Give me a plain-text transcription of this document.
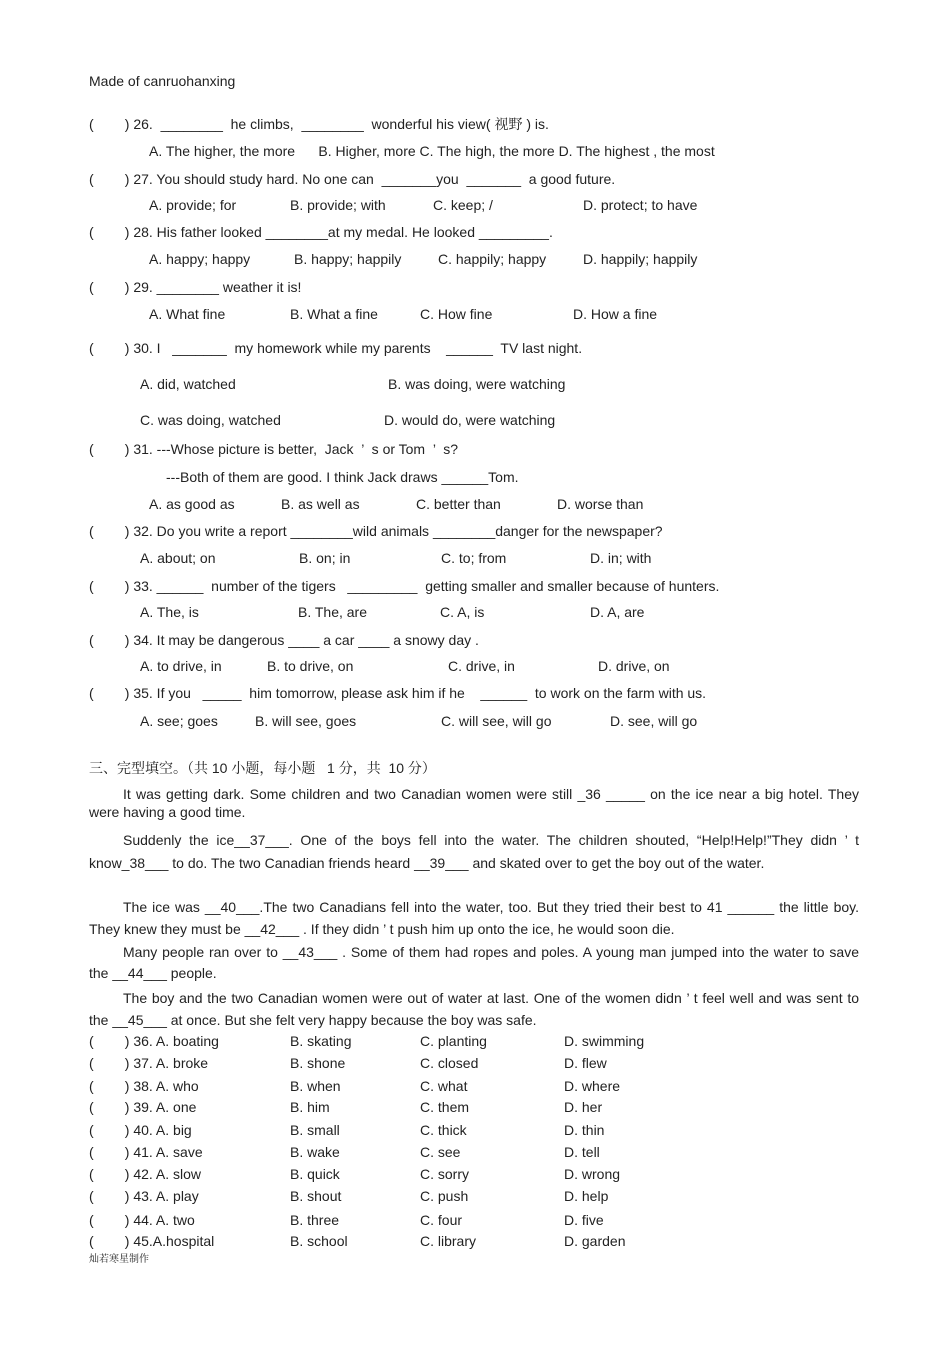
Made of canruohanxing
(        ) 26.  ________  he climbs,  ________  wonderful his view( 视野 ) is.
A. The higher, the more      B. Higher, more C. The high, the more D. The highest , the most
(        ) 27. You should study hard. No one can  _______you  _______  a good future.
A. provide; for	B. provide; with	C. keep; /	D. protect; to have
(        ) 28. His father looked ________at my medal. He looked _________.
A. happy; happy	B. happy; happily	C. happily; happy	D. happily; happily
(        ) 29. ________ weather it is!
A. What fine	B. What a fine	C. How fine	D. How a fine
(        ) 30. I   _______  my homework while my parents    ______  TV last night.
A. did, watched	B. was doing, were watching
C. was doing, watched	D. would do, were watching
(        ) 31. ---Whose picture is better,  Jack  ’  s or Tom  ’  s?
---Both of them are good. I think Jack draws ______Tom.
A. as good as	B. as well as	C. better than	D. worse than
(        ) 32. Do you write a report ________wild animals ________danger for the newspaper?
A. about; on	B. on; in	C. to; from	D. in; with
(        ) 33. ______  number of the tigers   _________  getting smaller and smaller because of hunters.
A. The, is	B. The, are	C. A, is	D. A, are
(        ) 34. It may be dangerous ____ a car ____ a snowy day .
A. to drive, in	B. to drive, on	C. drive, in	D. drive, on
(        ) 35. If you   _____  him tomorrow, please ask him if he    ______  to work on the farm with us.
A. see; goes	B. will see, goes	C. will see, will go	D. see, will go
三、完型填空。（共 10 小题，每小题   1 分，共  10 分）
It was getting dark. Some children and two Canadian women were still _36 _____ on the ice near a big hotel. They were having a good time.
Suddenly the ice__37___. One of the boys fell into the water. The children shouted, “Help!Help!”They didn ’ t know_38___ to do. The two Canadian friends heard __39___ and skated over to get the boy out of the water.
The ice was __40___.The two Canadians fell into the water, too. But they tried their best to 41 ______ the little boy. They knew they must be __42___ . If they didn ’ t push him up onto the ice, he would soon die.
Many people ran over to __43___ . Some of them had ropes and poles. A young man jumped into the water to save the __44___ people.
The boy and the two Canadian women were out of water at last. One of the women didn ’ t feel well and was sent to the __45___ at once. But she felt very happy because the boy was safe.
(        ) 36. A. boating	B. skating	C. planting	D. swimming
(        ) 37. A. broke	B. shone	C. closed	D. flew
(        ) 38. A. who	B. when	C. what	D. where
(        ) 39. A. one	B. him	C. them	D. her
(        ) 40. A. big	B. small	C. thick	D. thin
(        ) 41. A. save	B. wake	C. see	D. tell
(        ) 42. A. slow	B. quick	C. sorry	D. wrong
(        ) 43. A. play	B. shout	C. push	D. help
(        ) 44. A. two	B. three	C. four	D. five
(        ) 45.A.hospital	B. school	C. library	D. garden
灿若寒星制作
